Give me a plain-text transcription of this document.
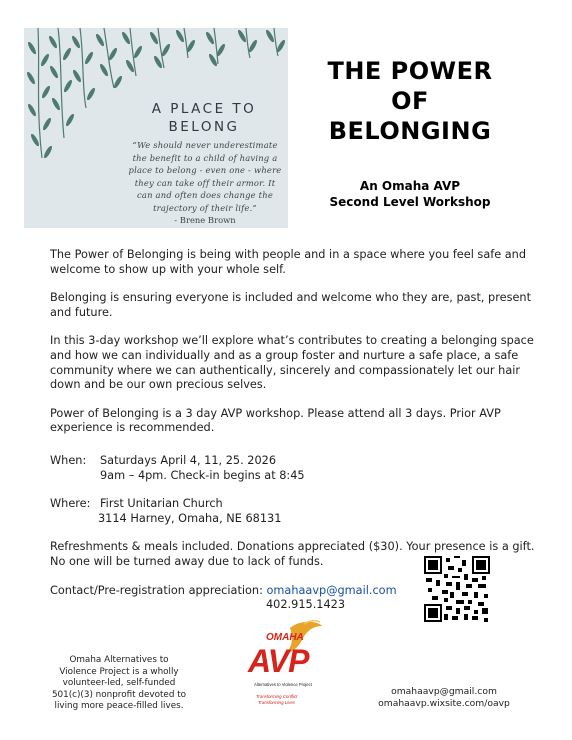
A PLACE TO
BELONG
“We should never underestimate
the benefit to a child of having a
place to belong - even one - where
they can take off their armor. It
can and often does change the
trajectory of their life.”
- Brene Brown
THE POWER
OF
BELONGING
An Omaha AVP
Second Level Workshop

The Power of Belonging is being with people and in a space where you feel safe and welcome to show up with your whole self.

Belonging is ensuring everyone is included and welcome who they are, past, present and future.

In this 3-day workshop we’ll explore what’s contributes to creating a belonging space and how we can individually and as a group foster and nurture a safe place, a safe community where we can authentically, sincerely and compassionately let our hair down and be our own precious selves.

Power of Belonging is a 3 day AVP workshop. Please attend all 3 days. Prior AVP experience is recommended.

When:	Saturdays April 4, 11, 25. 2026
9am – 4pm. Check-in begins at 8:45
Where: First Unitarian Church
3114 Harney, Omaha, NE 68131

Refreshments & meals included. Donations appreciated ($30). Your presence is a gift. No one will be turned away due to lack of funds.

Contact/Pre-registration appreciation: omahaavp@gmail.com
402.915.1423
Omaha Alternatives to
Violence Project is a wholly
volunteer-led, self-funded
501(c)(3) nonprofit devoted to
living more peace-filled lives.
OMAHA
AVP
Alternatives to Violence Project
Transforming Conflict
Transforming Lives
omahaavp@gmail.com
omahaavp.wixsite.com/oavp
